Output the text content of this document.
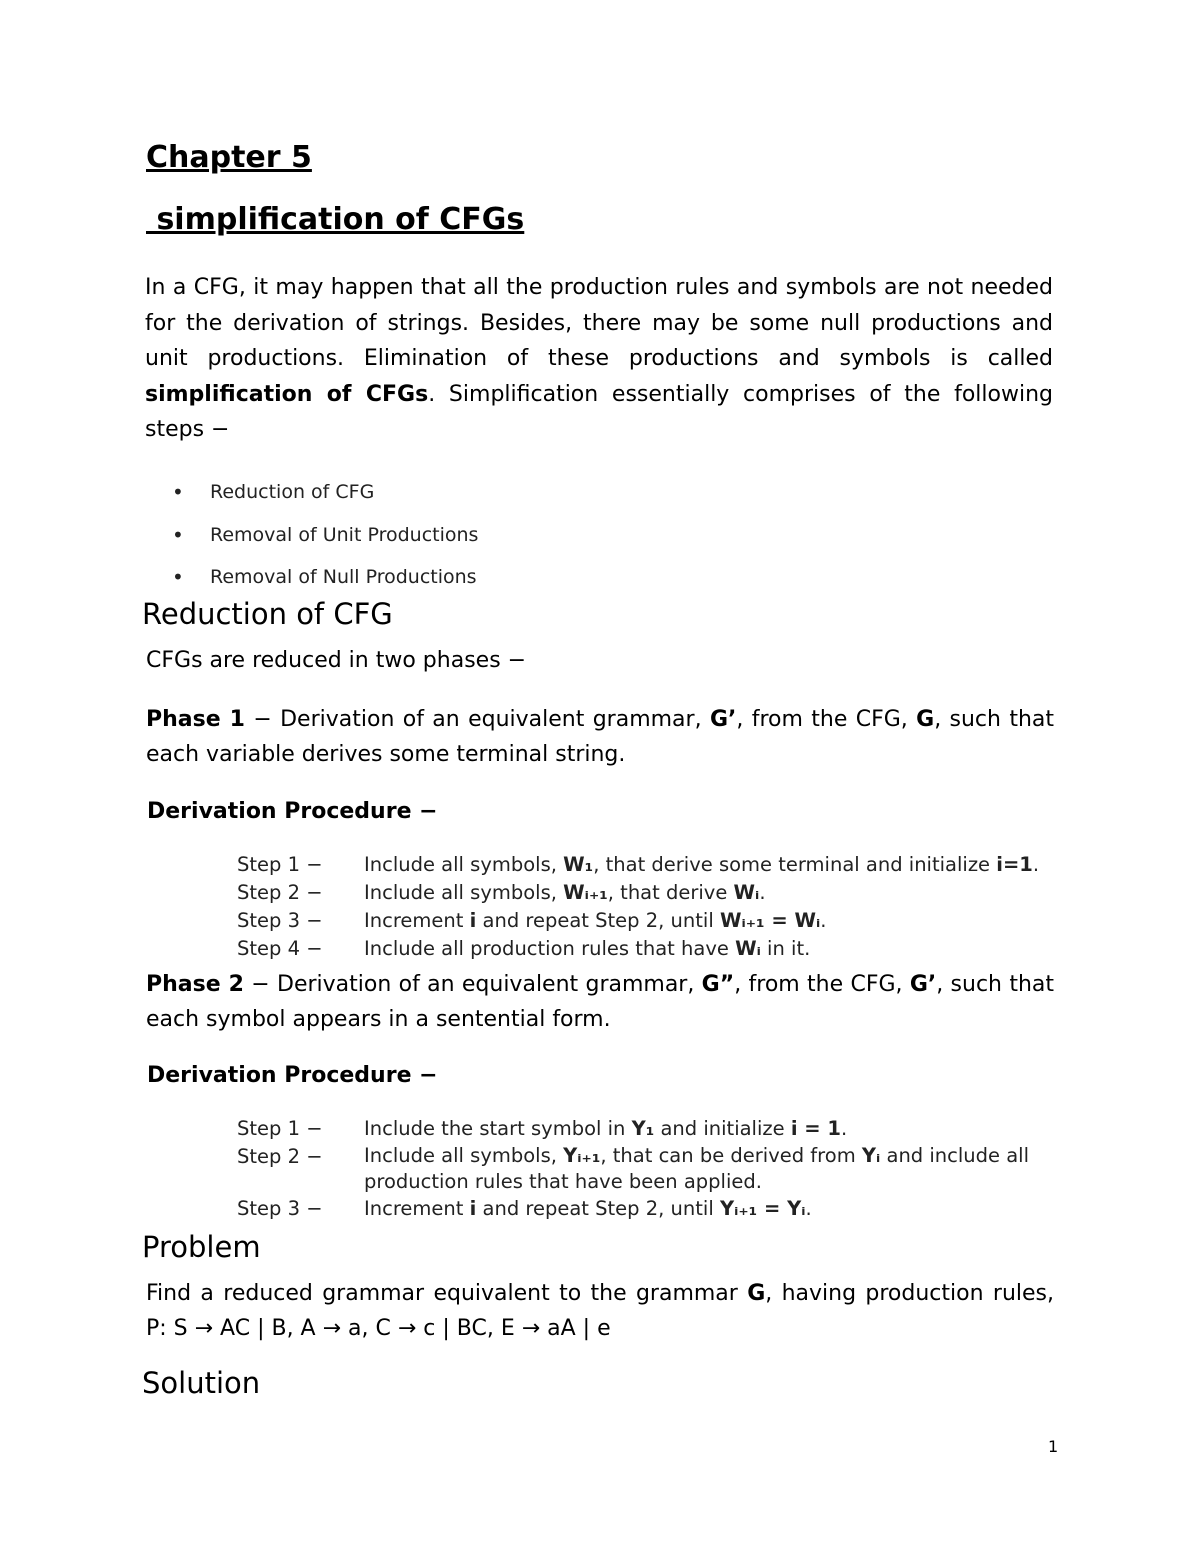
Chapter 5
simplification of CFGs

In a CFG, it may happen that all the production rules and symbols are not needed for the derivation of strings. Besides, there may be some null productions and unit productions. Elimination of these productions and symbols is called simplification of CFGs. Simplification essentially comprises of the following steps −

•	Reduction of CFG
•	Removal of Unit Productions
•	Removal of Null Productions
Reduction of CFG

CFGs are reduced in two phases −

Phase 1 − Derivation of an equivalent grammar, G’, from the CFG, G, such that each variable derives some terminal string.

Derivation Procedure −
Step 1 −	Include all symbols, W₁, that derive some terminal and initialize i=1.
Step 2 −	Include all symbols, Wᵢ₊₁, that derive Wᵢ.
Step 3 −	Increment i and repeat Step 2, until Wᵢ₊₁ = Wᵢ.
Step 4 −	Include all production rules that have Wᵢ in it.

Phase 2 − Derivation of an equivalent grammar, G”, from the CFG, G’, such that each symbol appears in a sentential form.

Derivation Procedure −
Step 1 −	Include the start symbol in Y₁ and initialize i = 1.
Step 2 −	Include all symbols, Yᵢ₊₁, that can be derived from Yᵢ and include all production rules that have been applied.
Step 3 −	Increment i and repeat Step 2, until Yᵢ₊₁ = Yᵢ.
Problem

Find a reduced grammar equivalent to the grammar G, having production rules, P: S → AC | B, A → a, C → c | BC, E → aA | e

Solution
1
